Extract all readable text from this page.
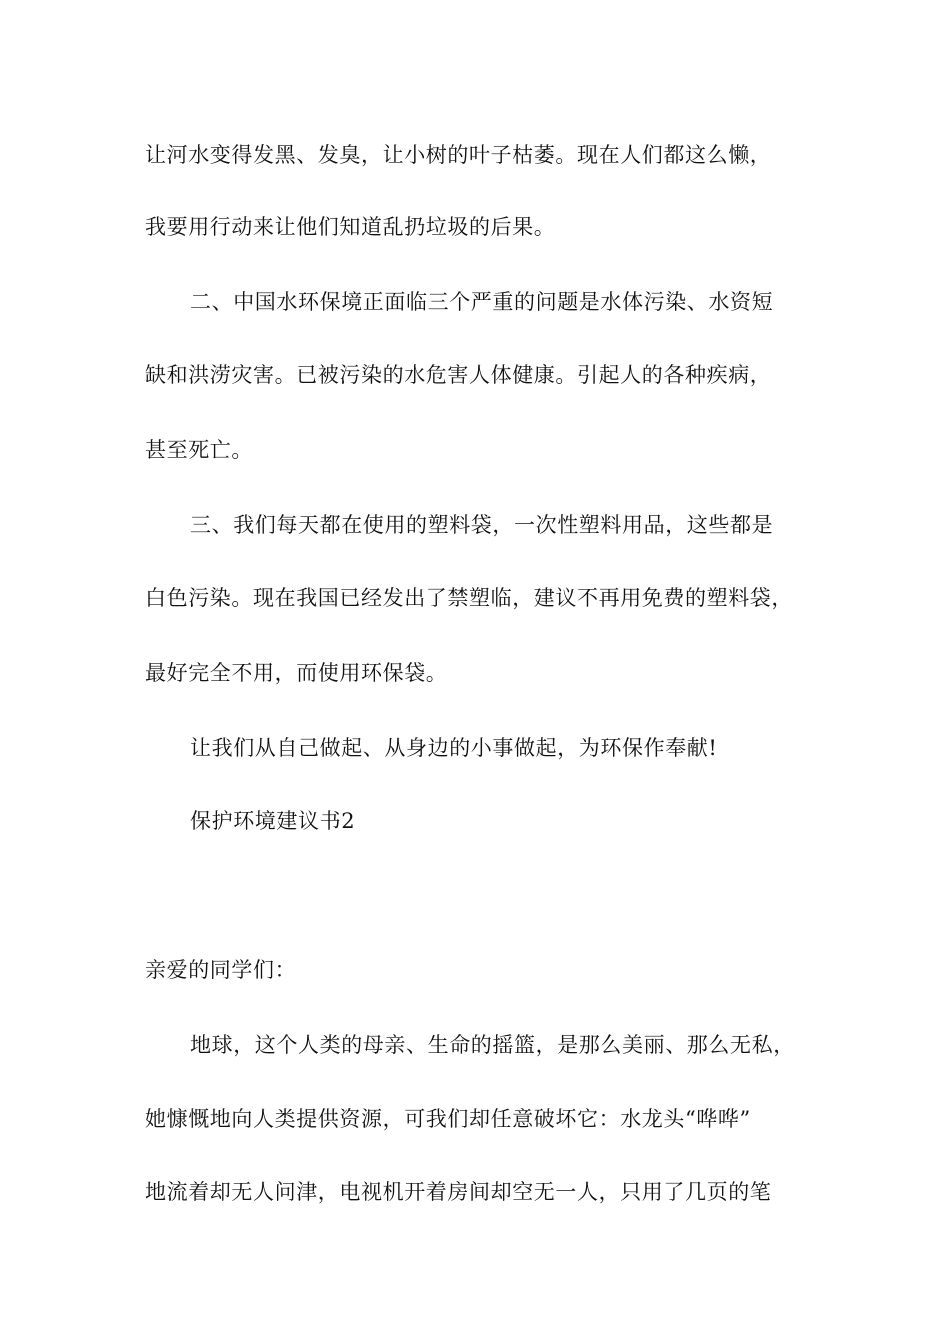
让河水变得发黑、发臭，让小树的叶子枯萎。现在人们都这么懒，
我要用行动来让他们知道乱扔垃圾的后果。
二、中国水环保境正面临三个严重的问题是水体污染、水资短
缺和洪涝灾害。已被污染的水危害人体健康。引起人的各种疾病，
甚至死亡。
三、我们每天都在使用的塑料袋，一次性塑料用品，这些都是
白色污染。现在我国已经发出了禁塑临，建议不再用免费的塑料袋，
最好完全不用，而使用环保袋。
让我们从自己做起、从身边的小事做起，为环保作奉献!
保护环境建议书2
亲爱的同学们：
地球，这个人类的母亲、生命的摇篮，是那么美丽、那么无私，
她慷慨地向人类提供资源，可我们却任意破坏它：水龙头“哗哗”
地流着却无人问津，电视机开着房间却空无一人，只用了几页的笔
